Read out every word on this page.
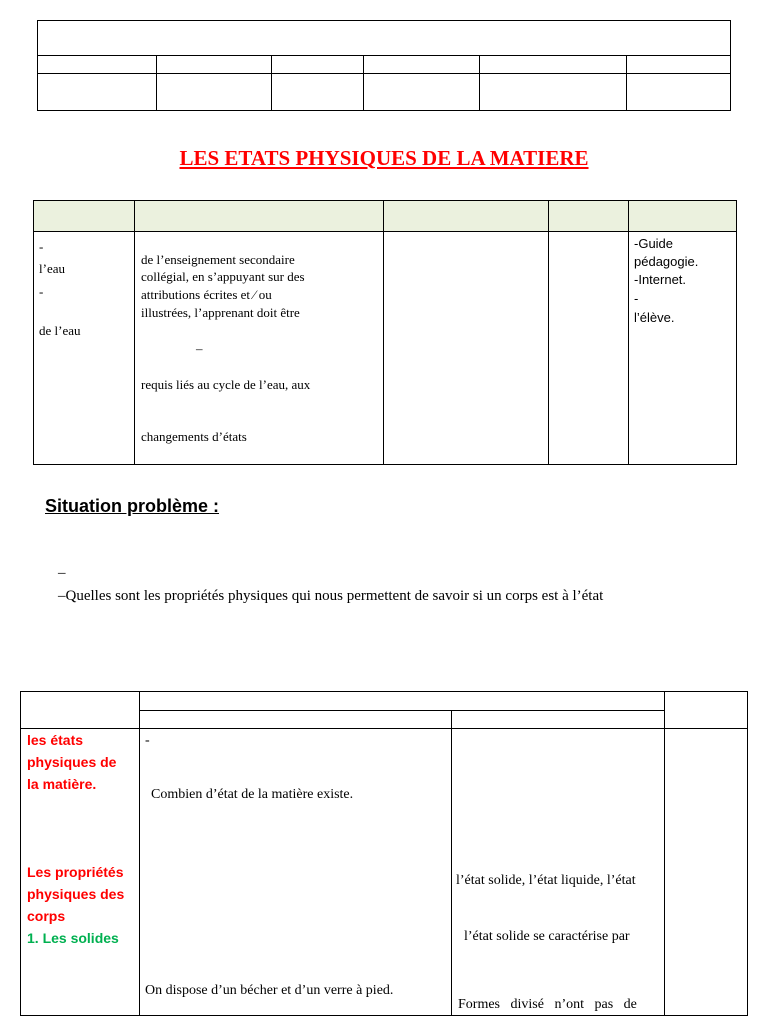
LES ETATS PHYSIQUES DE LA MATIERE
-
l’eau
-
de l’eau
de l’enseignement secondaire
collégial, en s’appuyant sur des
attributions écrites et ⁄ ou
illustrées, l’apprenant doit être
–
requis liés au cycle de l’eau, aux
changements d’états
-Guide
pédagogie.
-Internet.
-
l’élève.
Situation problème :
–
–Quelles sont les propriétés physiques qui nous permettent de savoir si un corps est à l’état
les états
physiques de
la matière.
Les propriétés
physiques des
corps
1. Les solides
-
Combien d’état de la matière existe.
On dispose d’un bécher et d’un verre à pied.
l’état solide, l’état liquide, l’état
l’état solide se caractérise par
Formes   divisé   n’ont   pas   de
